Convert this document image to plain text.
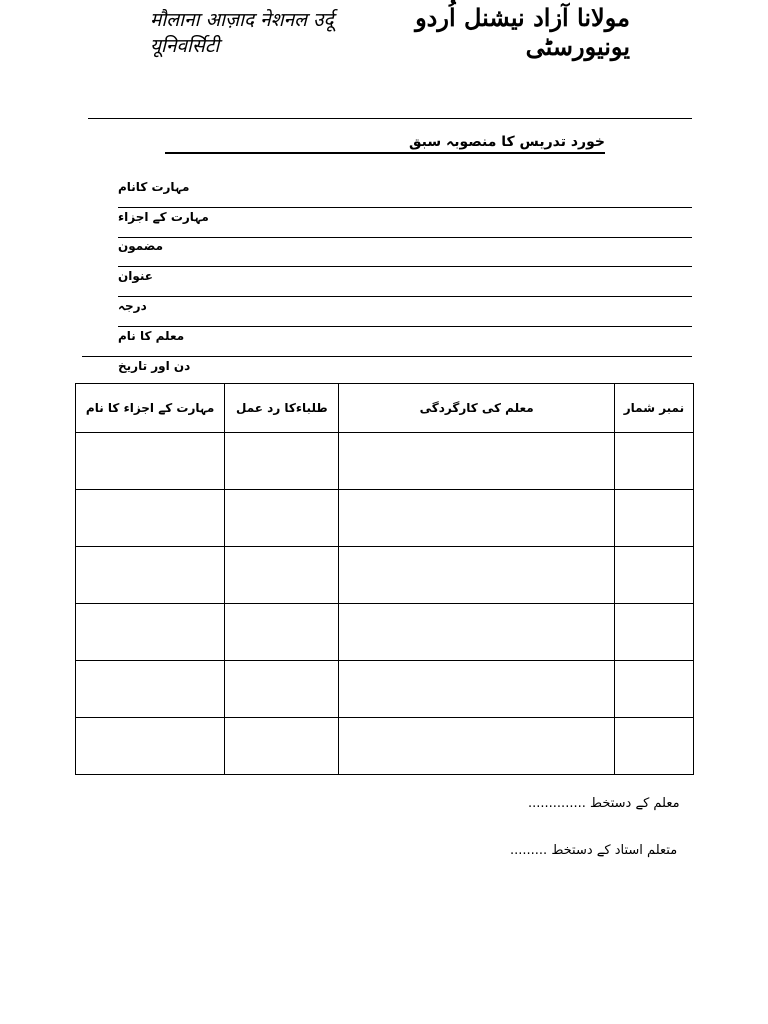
मौलाना आज़ाद नेशनल उर्दू यूनिवर्सिटी
مولانا آزاد نیشنل اُردو یونیورسٹی
خورد تدریس کا منصوبہ سبق
مہارت کانام
مہارت کے اجزاء
مضمون
عنوان
درجہ
معلم کا نام
دن اور تاریخ
نمبر شمار	معلم کی کارگردگی	طلباءکا رد عمل	مہارت کے اجزاء کا نام

معلم کے دستخط ..............
متعلم استاد کے دستخط .........
